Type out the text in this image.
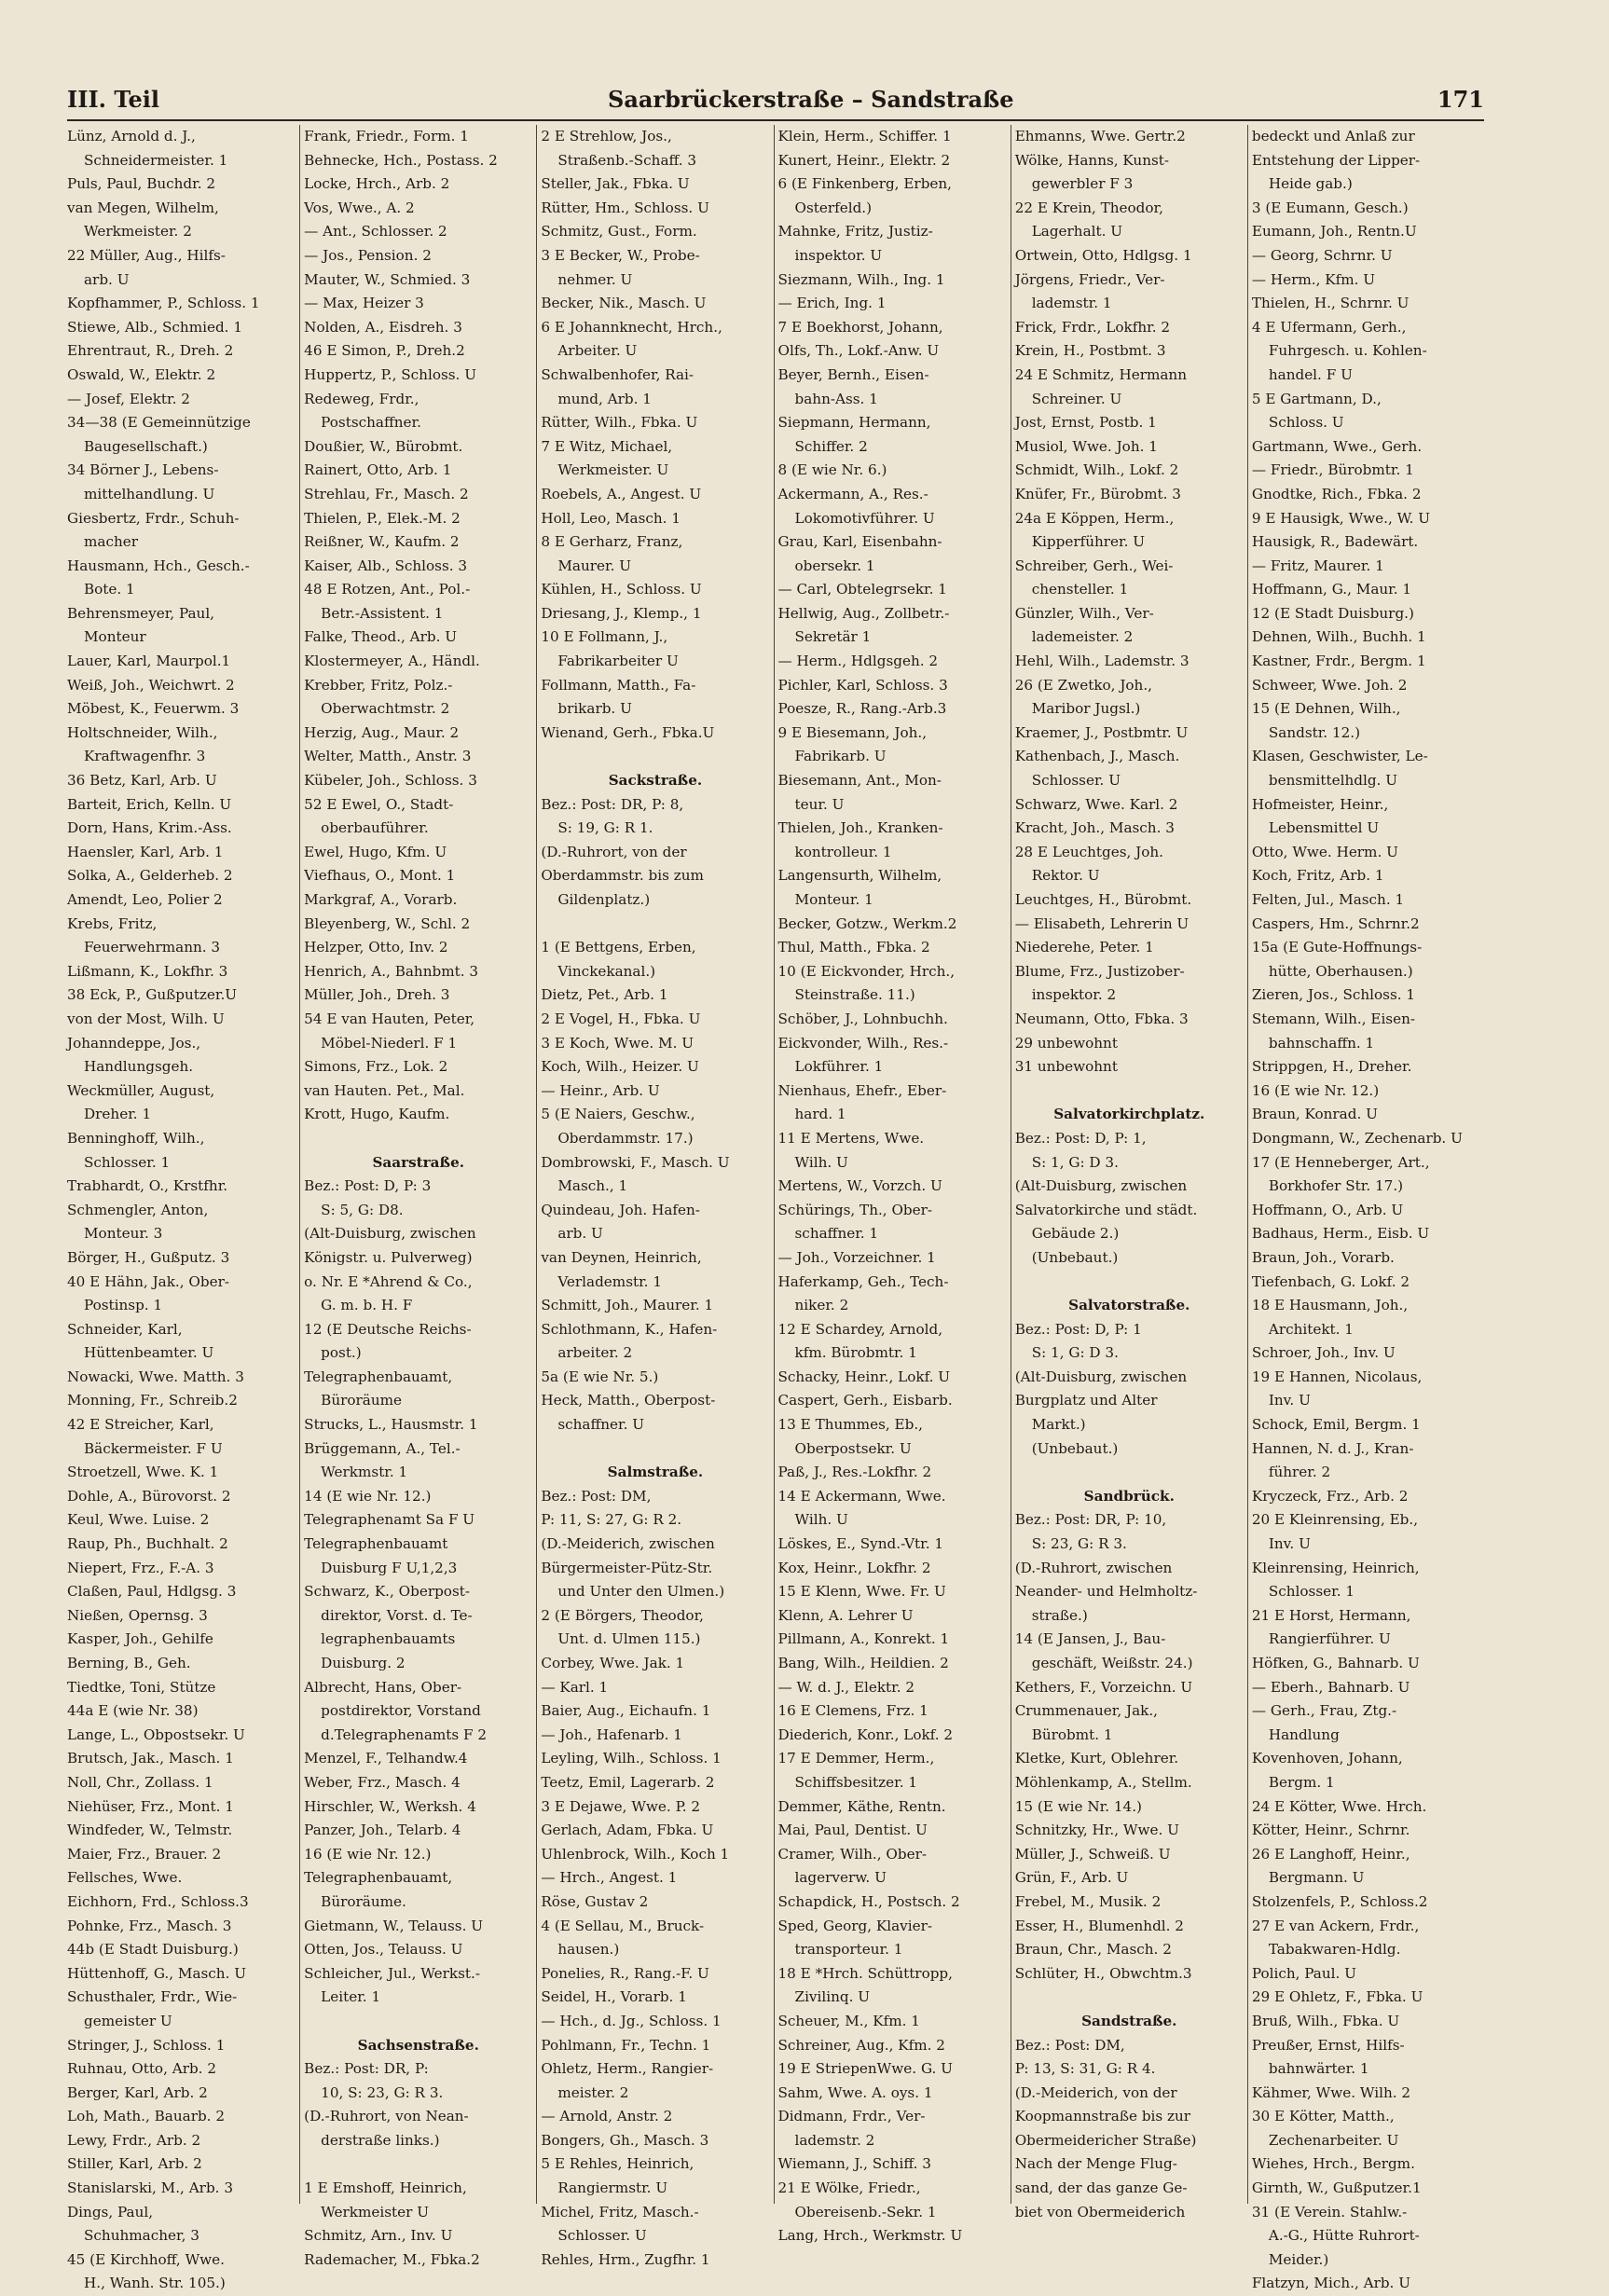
III. Teil	Saarbrückerstraße – Sandstraße	171
Lünz, Arnold d. J.,
Schneidermeister. 1
Puls, Paul, Buchdr. 2
van Megen, Wilhelm,
Werkmeister. 2
22 Müller, Aug., Hilfs-
arb. U
Kopfhammer, P., Schloss. 1
Stiewe, Alb., Schmied. 1
Ehrentraut, R., Dreh. 2
Oswald, W., Elektr. 2
— Josef, Elektr. 2
34—38 (E Gemeinnützige
Baugesellschaft.)
34 Börner J., Lebens-
mittelhandlung. U
Giesbertz, Frdr., Schuh-
macher
Hausmann, Hch., Gesch.-
Bote. 1
Behrensmeyer, Paul,
Monteur
Lauer, Karl, Maurpol.1
Weiß, Joh., Weichwrt. 2
Möbest, K., Feuerwm. 3
Holtschneider, Wilh.,
Kraftwagenfhr. 3
36 Betz, Karl, Arb. U
Barteit, Erich, Kelln. U
Dorn, Hans, Krim.-Ass.
Haensler, Karl, Arb. 1
Solka, A., Gelderheb. 2
Amendt, Leo, Polier 2
Krebs, Fritz,
Feuerwehrmann. 3
Lißmann, K., Lokfhr. 3
38 Eck, P., Gußputzer.U
von der Most, Wilh. U
Johanndeppe, Jos.,
Handlungsgeh.
Weckmüller, August,
Dreher. 1
Benninghoff, Wilh.,
Schlosser. 1
Trabhardt, O., Krstfhr.
Schmengler, Anton,
Monteur. 3
Börger, H., Gußputz. 3
40 E Hähn, Jak., Ober-
Postinsp. 1
Schneider, Karl,
Hüttenbeamter. U
Nowacki, Wwe. Matth. 3
Monning, Fr., Schreib.2
42 E Streicher, Karl,
Bäckermeister. F U
Stroetzell, Wwe. K. 1
Dohle, A., Bürovorst. 2
Keul, Wwe. Luise. 2
Raup, Ph., Buchhalt. 2
Niepert, Frz., F.-A. 3
Claßen, Paul, Hdlgsg. 3
Nießen, Opernsg. 3
Kasper, Joh., Gehilfe
Berning, B., Geh.
Tiedtke, Toni, Stütze
44a E (wie Nr. 38)
Lange, L., Obpostsekr. U
Brutsch, Jak., Masch. 1
Noll, Chr., Zollass. 1
Niehüser, Frz., Mont. 1
Windfeder, W., Telmstr.
Maier, Frz., Brauer. 2
Fellsches, Wwe.
Eichhorn, Frd., Schloss.3
Pohnke, Frz., Masch. 3
44b (E Stadt Duisburg.)
Hüttenhoff, G., Masch. U
Schusthaler, Frdr., Wie-
gemeister U
Stringer, J., Schloss. 1
Ruhnau, Otto, Arb. 2
Berger, Karl, Arb. 2
Loh, Math., Bauarb. 2
Lewy, Frdr., Arb. 2
Stiller, Karl, Arb. 2
Stanislarski, M., Arb. 3
Dings, Paul,
Schuhmacher, 3
45 (E Kirchhoff, Wwe.
H., Wanh. Str. 105.)
Frank, Friedr., Form. 1
Behnecke, Hch., Postass. 2
Locke, Hrch., Arb. 2
Vos, Wwe., A. 2
— Ant., Schlosser. 2
— Jos., Pension. 2
Mauter, W., Schmied. 3
— Max, Heizer 3
Nolden, A., Eisdreh. 3
46 E Simon, P., Dreh.2
Huppertz, P., Schloss. U
Redeweg, Frdr.,
Postschaffner.
Doußier, W., Bürobmt.
Rainert, Otto, Arb. 1
Strehlau, Fr., Masch. 2
Thielen, P., Elek.-M. 2
Reißner, W., Kaufm. 2
Kaiser, Alb., Schloss. 3
48 E Rotzen, Ant., Pol.-
Betr.-Assistent. 1
Falke, Theod., Arb. U
Klostermeyer, A., Händl.
Krebber, Fritz, Polz.-
Oberwachtmstr. 2
Herzig, Aug., Maur. 2
Welter, Matth., Anstr. 3
Kübeler, Joh., Schloss. 3
52 E Ewel, O., Stadt-
oberbauführer.
Ewel, Hugo, Kfm. U
Viefhaus, O., Mont. 1
Markgraf, A., Vorarb.
Bleyenberg, W., Schl. 2
Helzper, Otto, Inv. 2
Henrich, A., Bahnbmt. 3
Müller, Joh., Dreh. 3
54 E van Hauten, Peter,
Möbel-Niederl. F 1
Simons, Frz., Lok. 2
van Hauten. Pet., Mal.
Krott, Hugo, Kaufm.

Saarstraße.
Bez.: Post: D, P: 3
S: 5, G: D8.
(Alt-Duisburg, zwischen
Königstr. u. Pulverweg)
o. Nr. E *Ahrend & Co.,
G. m. b. H. F
12 (E Deutsche Reichs-
post.)
Telegraphenbauamt,
Büroräume
Strucks, L., Hausmstr. 1
Brüggemann, A., Tel.-
Werkmstr. 1
14 (E wie Nr. 12.)
Telegraphenamt Sa F U
Telegraphenbauamt
Duisburg F U,1,2,3
Schwarz, K., Oberpost-
direktor, Vorst. d. Te-
legraphenbauamts
Duisburg. 2
Albrecht, Hans, Ober-
postdirektor, Vorstand
d.Telegraphenamts F 2
Menzel, F., Telhandw.4
Weber, Frz., Masch. 4
Hirschler, W., Werksh. 4
Panzer, Joh., Telarb. 4
16 (E wie Nr. 12.)
Telegraphenbauamt,
Büroräume.
Gietmann, W., Telauss. U
Otten, Jos., Telauss. U
Schleicher, Jul., Werkst.-
Leiter. 1

Sachsenstraße.
Bez.: Post: DR, P:
10, S: 23, G: R 3.
(D.-Ruhrort, von Nean-
derstraße links.)

1 E Emshoff, Heinrich,
Werkmeister U
Schmitz, Arn., Inv. U
Rademacher, M., Fbka.2
2 E Strehlow, Jos.,
Straßenb.-Schaff. 3
Steller, Jak., Fbka. U
Rütter, Hm., Schloss. U
Schmitz, Gust., Form.
3 E Becker, W., Probe-
nehmer. U
Becker, Nik., Masch. U
6 E Johannknecht, Hrch.,
Arbeiter. U
Schwalbenhofer, Rai-
mund, Arb. 1
Rütter, Wilh., Fbka. U
7 E Witz, Michael,
Werkmeister. U
Roebels, A., Angest. U
Holl, Leo, Masch. 1
8 E Gerharz, Franz,
Maurer. U
Kühlen, H., Schloss. U
Driesang, J., Klemp., 1
10 E Follmann, J.,
Fabrikarbeiter U
Follmann, Matth., Fa-
brikarb. U
Wienand, Gerh., Fbka.U

Sackstraße.
Bez.: Post: DR, P: 8,
S: 19, G: R 1.
(D.-Ruhrort, von der
Oberdammstr. bis zum
Gildenplatz.)

1 (E Bettgens, Erben,
Vinckekanal.)
Dietz, Pet., Arb. 1
2 E Vogel, H., Fbka. U
3 E Koch, Wwe. M. U
Koch, Wilh., Heizer. U
— Heinr., Arb. U
5 (E Naiers, Geschw.,
Oberdammstr. 17.)
Dombrowski, F., Masch. U
Masch., 1
Quindeau, Joh. Hafen-
arb. U
van Deynen, Heinrich,
Verlademstr. 1
Schmitt, Joh., Maurer. 1
Schlothmann, K., Hafen-
arbeiter. 2
5a (E wie Nr. 5.)
Heck, Matth., Oberpost-
schaffner. U

Salmstraße.
Bez.: Post: DM,
P: 11, S: 27, G: R 2.
(D.-Meiderich, zwischen
Bürgermeister-Pütz-Str.
und Unter den Ulmen.)
2 (E Börgers, Theodor,
Unt. d. Ulmen 115.)
Corbey, Wwe. Jak. 1
— Karl. 1
Baier, Aug., Eichaufn. 1
— Joh., Hafenarb. 1
Leyling, Wilh., Schloss. 1
Teetz, Emil, Lagerarb. 2
3 E Dejawe, Wwe. P. 2
Gerlach, Adam, Fbka. U
Uhlenbrock, Wilh., Koch 1
— Hrch., Angest. 1
Röse, Gustav 2
4 (E Sellau, M., Bruck-
hausen.)
Ponelies, R., Rang.-F. U
Seidel, H., Vorarb. 1
— Hch., d. Jg., Schloss. 1
Pohlmann, Fr., Techn. 1
Ohletz, Herm., Rangier-
meister. 2
— Arnold, Anstr. 2
Bongers, Gh., Masch. 3
5 E Rehles, Heinrich,
Rangiermstr. U
Michel, Fritz, Masch.-
Schlosser. U
Rehles, Hrm., Zugfhr. 1
Klein, Herm., Schiffer. 1
Kunert, Heinr., Elektr. 2
6 (E Finkenberg, Erben,
Osterfeld.)
Mahnke, Fritz, Justiz-
inspektor. U
Siezmann, Wilh., Ing. 1
— Erich, Ing. 1
7 E Boekhorst, Johann,
Olfs, Th., Lokf.-Anw. U
Beyer, Bernh., Eisen-
bahn-Ass. 1
Siepmann, Hermann,
Schiffer. 2
8 (E wie Nr. 6.)
Ackermann, A., Res.-
Lokomotivführer. U
Grau, Karl, Eisenbahn-
obersekr. 1
— Carl, Obtelegrsekr. 1
Hellwig, Aug., Zollbetr.-
Sekretär 1
— Herm., Hdlgsgeh. 2
Pichler, Karl, Schloss. 3
Poesze, R., Rang.-Arb.3
9 E Biesemann, Joh.,
Fabrikarb. U
Biesemann, Ant., Mon-
teur. U
Thielen, Joh., Kranken-
kontrolleur. 1
Langensurth, Wilhelm,
Monteur. 1
Becker, Gotzw., Werkm.2
Thul, Matth., Fbka. 2
10 (E Eickvonder, Hrch.,
Steinstraße. 11.)
Schöber, J., Lohnbuchh.
Eickvonder, Wilh., Res.-
Lokführer. 1
Nienhaus, Ehefr., Eber-
hard. 1
11 E Mertens, Wwe.
Wilh. U
Mertens, W., Vorzch. U
Schürings, Th., Ober-
schaffner. 1
— Joh., Vorzeichner. 1
Haferkamp, Geh., Tech-
niker. 2
12 E Schardey, Arnold,
kfm. Bürobmtr. 1
Schacky, Heinr., Lokf. U
Caspert, Gerh., Eisbarb.
13 E Thummes, Eb.,
Oberpostsekr. U
Paß, J., Res.-Lokfhr. 2
14 E Ackermann, Wwe.
Wilh. U
Löskes, E., Synd.-Vtr. 1
Kox, Heinr., Lokfhr. 2
15 E Klenn, Wwe. Fr. U
Klenn, A. Lehrer U
Pillmann, A., Konrekt. 1
Bang, Wilh., Heildien. 2
— W. d. J., Elektr. 2
16 E Clemens, Frz. 1
Diederich, Konr., Lokf. 2
17 E Demmer, Herm.,
Schiffsbesitzer. 1
Demmer, Käthe, Rentn.
Mai, Paul, Dentist. U
Cramer, Wilh., Ober-
lagerverw. U
Schapdick, H., Postsch. 2
Sped, Georg, Klavier-
transporteur. 1
18 E *Hrch. Schüttropp,
Zivilinq. U
Scheuer, M., Kfm. 1
Schreiner, Aug., Kfm. 2
19 E StriepenWwe. G. U
Sahm, Wwe. A. oys. 1
Didmann, Frdr., Ver-
lademstr. 2
Wiemann, J., Schiff. 3
21 E Wölke, Friedr.,
Obereisenb.-Sekr. 1
Lang, Hrch., Werkmstr. U
Ehmanns, Wwe. Gertr.2
Wölke, Hanns, Kunst-
gewerbler F 3
22 E Krein, Theodor,
Lagerhalt. U
Ortwein, Otto, Hdlgsg. 1
Jörgens, Friedr., Ver-
lademstr. 1
Frick, Frdr., Lokfhr. 2
Krein, H., Postbmt. 3
24 E Schmitz, Hermann
Schreiner. U
Jost, Ernst, Postb. 1
Musiol, Wwe. Joh. 1
Schmidt, Wilh., Lokf. 2
Knüfer, Fr., Bürobmt. 3
24a E Köppen, Herm.,
Kipperführer. U
Schreiber, Gerh., Wei-
chensteller. 1
Günzler, Wilh., Ver-
lademeister. 2
Hehl, Wilh., Lademstr. 3
26 (E Zwetko, Joh.,
Maribor Jugsl.)
Kraemer, J., Postbmtr. U
Kathenbach, J., Masch.
Schlosser. U
Schwarz, Wwe. Karl. 2
Kracht, Joh., Masch. 3
28 E Leuchtges, Joh.
Rektor. U
Leuchtges, H., Bürobmt.
— Elisabeth, Lehrerin U
Niederehe, Peter. 1
Blume, Frz., Justizober-
inspektor. 2
Neumann, Otto, Fbka. 3
29 unbewohnt
31 unbewohnt

Salvatorkirchplatz.
Bez.: Post: D, P: 1,
S: 1, G: D 3.
(Alt-Duisburg, zwischen
Salvatorkirche und städt.
Gebäude 2.)
(Unbebaut.)

Salvatorstraße.
Bez.: Post: D, P: 1
S: 1, G: D 3.
(Alt-Duisburg, zwischen
Burgplatz und Alter
Markt.)
(Unbebaut.)

Sandbrück.
Bez.: Post: DR, P: 10,
S: 23, G: R 3.
(D.-Ruhrort, zwischen
Neander- und Helmholtz-
straße.)
14 (E Jansen, J., Bau-
geschäft, Weißstr. 24.)
Kethers, F., Vorzeichn. U
Crummenauer, Jak.,
Bürobmt. 1
Kletke, Kurt, Oblehrer.
Möhlenkamp, A., Stellm.
15 (E wie Nr. 14.)
Schnitzky, Hr., Wwe. U
Müller, J., Schweiß. U
Grün, F., Arb. U
Frebel, M., Musik. 2
Esser, H., Blumenhdl. 2
Braun, Chr., Masch. 2
Schlüter, H., Obwchtm.3

Sandstraße.
Bez.: Post: DM,
P: 13, S: 31, G: R 4.
(D.-Meiderich, von der
Koopmannstraße bis zur
Obermeidericher Straße)
Nach der Menge Flug-
sand, der das ganze Ge-
biet von Obermeiderich
bedeckt und Anlaß zur
Entstehung der Lipper-
Heide gab.)
3 (E Eumann, Gesch.)
Eumann, Joh., Rentn.U
— Georg, Schrnr. U
— Herm., Kfm. U
Thielen, H., Schrnr. U
4 E Ufermann, Gerh.,
Fuhrgesch. u. Kohlen-
handel. F U
5 E Gartmann, D.,
Schloss. U
Gartmann, Wwe., Gerh.
— Friedr., Bürobmtr. 1
Gnodtke, Rich., Fbka. 2
9 E Hausigk, Wwe., W. U
Hausigk, R., Badewärt.
— Fritz, Maurer. 1
Hoffmann, G., Maur. 1
12 (E Stadt Duisburg.)
Dehnen, Wilh., Buchh. 1
Kastner, Frdr., Bergm. 1
Schweer, Wwe. Joh. 2
15 (E Dehnen, Wilh.,
Sandstr. 12.)
Klasen, Geschwister, Le-
bensmittelhdlg. U
Hofmeister, Heinr.,
Lebensmittel U
Otto, Wwe. Herm. U
Koch, Fritz, Arb. 1
Felten, Jul., Masch. 1
Caspers, Hm., Schrnr.2
15a (E Gute-Hoffnungs-
hütte, Oberhausen.)
Zieren, Jos., Schloss. 1
Stemann, Wilh., Eisen-
bahnschaffn. 1
Strippgen, H., Dreher.
16 (E wie Nr. 12.)
Braun, Konrad. U
Dongmann, W., Zechenarb. U
17 (E Henneberger, Art.,
Borkhofer Str. 17.)
Hoffmann, O., Arb. U
Badhaus, Herm., Eisb. U
Braun, Joh., Vorarb.
Tiefenbach, G. Lokf. 2
18 E Hausmann, Joh.,
Architekt. 1
Schroer, Joh., Inv. U
19 E Hannen, Nicolaus,
Inv. U
Schock, Emil, Bergm. 1
Hannen, N. d. J., Kran-
führer. 2
Kryczeck, Frz., Arb. 2
20 E Kleinrensing, Eb.,
Inv. U
Kleinrensing, Heinrich,
Schlosser. 1
21 E Horst, Hermann,
Rangierführer. U
Höfken, G., Bahnarb. U
— Eberh., Bahnarb. U
— Gerh., Frau, Ztg.-
Handlung
Kovenhoven, Johann,
Bergm. 1
24 E Kötter, Wwe. Hrch.
Kötter, Heinr., Schrnr.
26 E Langhoff, Heinr.,
Bergmann. U
Stolzenfels, P., Schloss.2
27 E van Ackern, Frdr.,
Tabakwaren-Hdlg.
Polich, Paul. U
29 E Ohletz, F., Fbka. U
Bruß, Wilh., Fbka. U
Preußer, Ernst, Hilfs-
bahnwärter. 1
Kähmer, Wwe. Wilh. 2
30 E Kötter, Matth.,
Zechenarbeiter. U
Wiehes, Hrch., Bergm.
Girnth, W., Gußputzer.1
31 (E Verein. Stahlw.-
A.-G., Hütte Ruhrort-
Meider.)
Flatzyn, Mich., Arb. U
